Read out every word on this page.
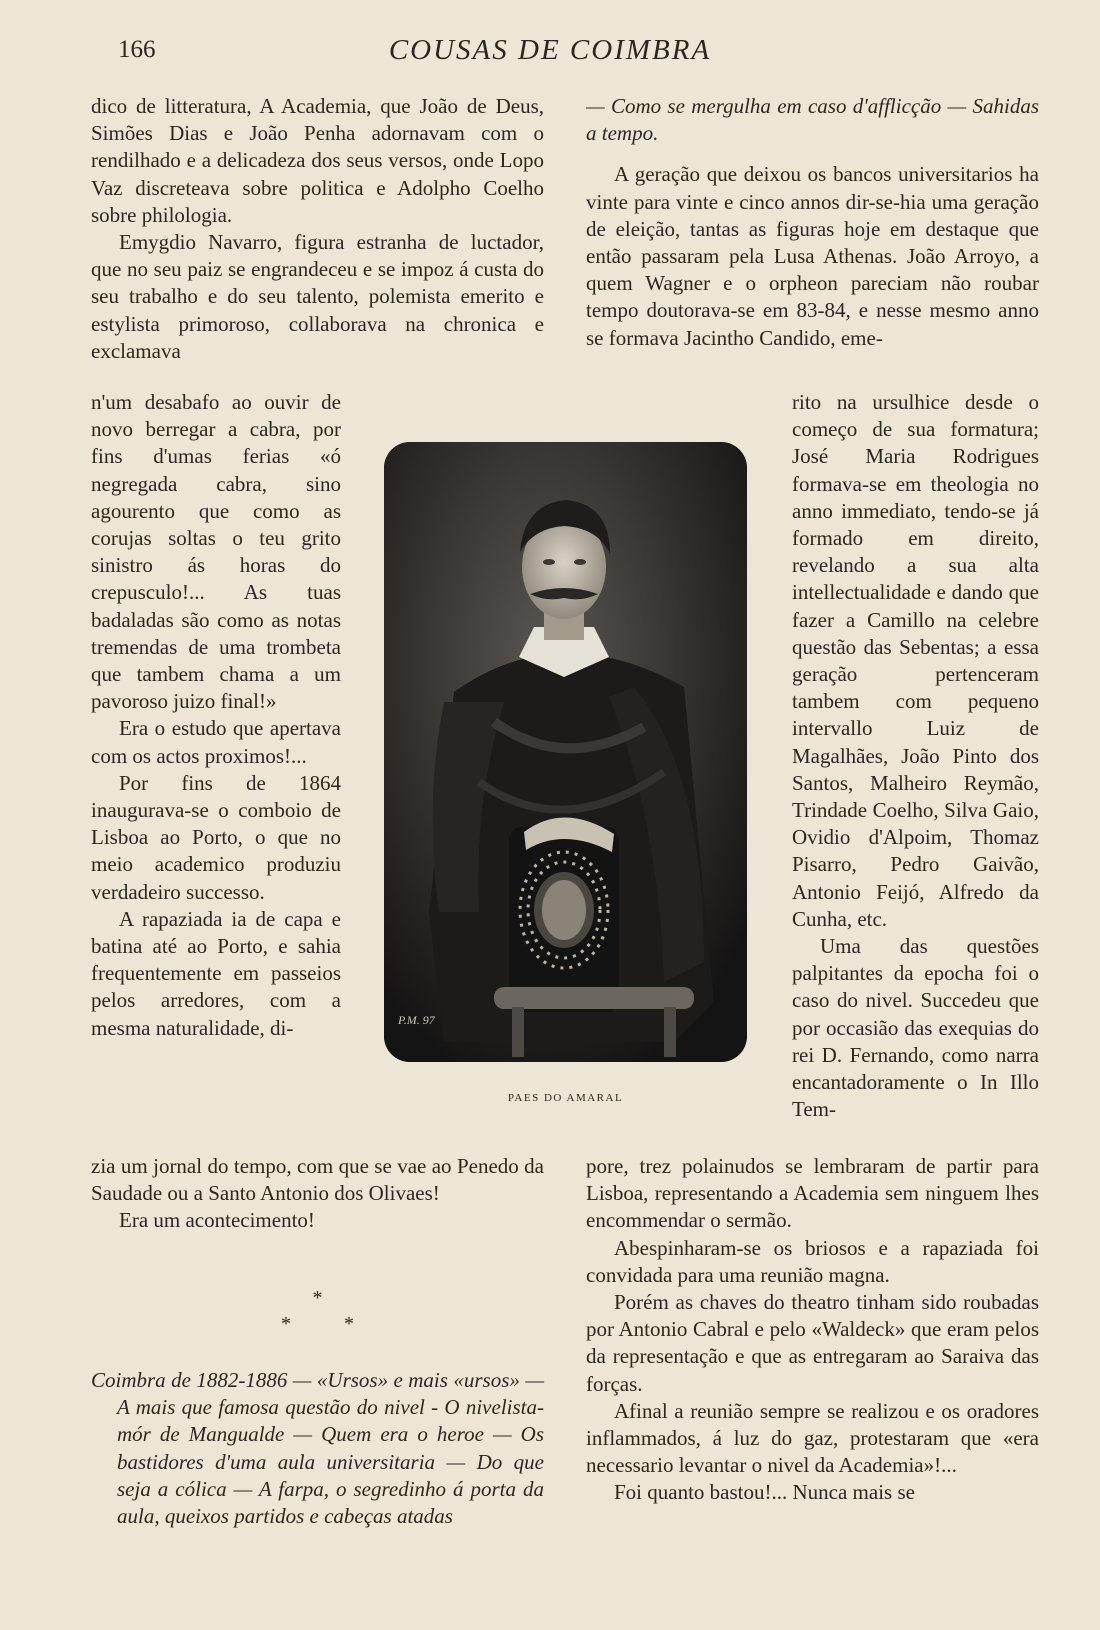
166	COUSAS DE COIMBRA

dico de litteratura, A Academia, que João de Deus, Simões Dias e João Penha adornavam com o rendilhado e a delicadeza dos seus versos, onde Lopo Vaz discreteava sobre politica e Adolpho Coelho sobre philologia.

Emygdio Navarro, figura estranha de luctador, que no seu paiz se engrandeceu e se impoz á custa do seu trabalho e do seu talento, polemista emerito e estylista primoroso, collaborava na chronica e exclamava

n'um desabafo ao ouvir de novo berregar a cabra, por fins d'umas ferias «ó negregada cabra, sino agourento que como as corujas soltas o teu grito sinistro ás horas do crepusculo!... As tuas badaladas são como as notas tremendas de uma trombeta que tambem chama a um pavoroso juizo final!»

Era o estudo que apertava com os actos proximos!...

Por fins de 1864 inaugurava-se o comboio de Lisboa ao Porto, o que no meio academico produziu verdadeiro successo.

A rapaziada ia de capa e batina até ao Porto, e sahia frequentemente em passeios pelos arredores, com a mesma naturalidade, di-

zia um jornal do tempo, com que se vae ao Penedo da Saudade ou a Santo Antonio dos Olivaes!

Era um acontecimento!

*
* *

Coimbra de 1882-1886 — «Ursos» e mais «ursos» — A mais que famosa questão do nivel - O nivelista-mór de Mangualde — Quem era o heroe — Os bastidores d'uma aula universitaria — Do que seja a cólica — A farpa, o segredinho á porta da aula, queixos partidos e cabeças atadas

— Como se mergulha em caso d'afflicção — Sahidas a tempo.

A geração que deixou os bancos universitarios ha vinte para vinte e cinco annos dir-se-hia uma geração de eleição, tantas as figuras hoje em destaque que então passaram pela Lusa Athenas. João Arroyo, a quem Wagner e o orpheon pareciam não roubar tempo doutorava-se em 83-84, e nesse mesmo anno se formava Jacintho Candido, eme-

rito na ursulhice desde o começo de sua formatura; José Maria Rodrigues formava-se em theologia no anno immediato, tendo-se já formado em direito, revelando a sua alta intellectualidade e dando que fazer a Camillo na celebre questão das Sebentas; a essa geração pertenceram tambem com pequeno intervallo Luiz de Magalhães, João Pinto dos Santos, Malheiro Reymão, Trindade Coelho, Silva Gaio, Ovidio d'Alpoim, Thomaz Pisarro, Pedro Gaivão, Antonio Feijó, Alfredo da Cunha, etc.

Uma das questões palpitantes da epocha foi o caso do nivel. Succedeu que por occasião das exequias do rei D. Fernando, como narra encantadoramente o In Illo Tem-

pore, trez polainudos se lembraram de partir para Lisboa, representando a Academia sem ninguem lhes encommendar o sermão.

Abespinharam-se os briosos e a rapaziada foi convidada para uma reunião magna.

Porém as chaves do theatro tinham sido roubadas por Antonio Cabral e pelo «Waldeck» que eram pelos da representação e que as entregaram ao Saraiva das forças.

Afinal a reunião sempre se realizou e os oradores inflammados, á luz do gaz, protestaram que «era necessario levantar o nivel da Academia»!...

Foi quanto bastou!... Nunca mais se

P.M. 97
PAES DO AMARAL
